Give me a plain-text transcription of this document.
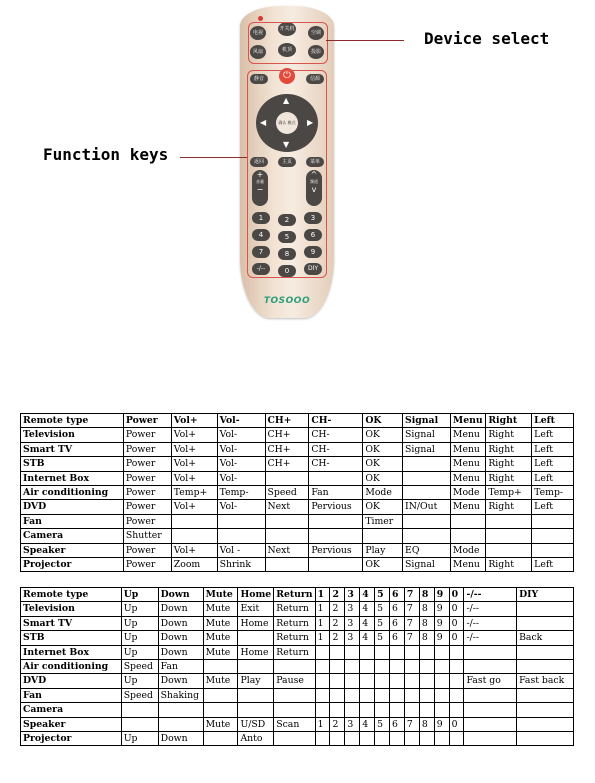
电视
开关机
空调
风扇	机顶	投影
静音	⏻	信源
▲
▼
◀	▶
确认 模式
返回	主页	菜单
+
音量
−
^
频道
v
1	2	3
4	5	6
7	8	9
-/--	0	DIY
TOSOOO
Device select
Function keys
Remote type	Power	Vol+	Vol-	CH+	CH-	OK	Signal	Menu	Right	Left
Television	Power	Vol+	Vol-	CH+	CH-	OK	Signal	Menu	Right	Left
Smart TV	Power	Vol+	Vol-	CH+	CH-	OK	Signal	Menu	Right	Left
STB	Power	Vol+	Vol-	CH+	CH-	OK		Menu	Right	Left
Internet Box	Power	Vol+	Vol-			OK		Menu	Right	Left
Air conditioning	Power	Temp+	Temp-	Speed	Fan	Mode		Mode	Temp+	Temp-
DVD	Power	Vol+	Vol-	Next	Pervious	OK	IN/Out	Menu	Right	Left
Fan	Power					Timer				
Camera	Shutter									
Speaker	Power	Vol+	Vol -	Next	Pervious	Play	EQ	Mode		
Projector	Power	Zoom	Shrink			OK	Signal	Menu	Right	Left
Remote type	Up	Down	Mute	Home	Return	1	2	3	4	5	6	7	8	9	0	-/--	DIY
Television	Up	Down	Mute	Exit	Return	1	2	3	4	5	6	7	8	9	0	-/--	
Smart TV	Up	Down	Mute	Home	Return	1	2	3	4	5	6	7	8	9	0	-/--	
STB	Up	Down	Mute		Return	1	2	3	4	5	6	7	8	9	0	-/--	Back
Internet Box	Up	Down	Mute	Home	Return												
Air conditioning	Speed	Fan															
DVD	Up	Down	Mute	Play	Pause											Fast go	Fast back
Fan	Speed	Shaking															
Camera																	
Speaker			Mute	U/SD	Scan	1	2	3	4	5	6	7	8	9	0		
Projector	Up	Down		Anto													
